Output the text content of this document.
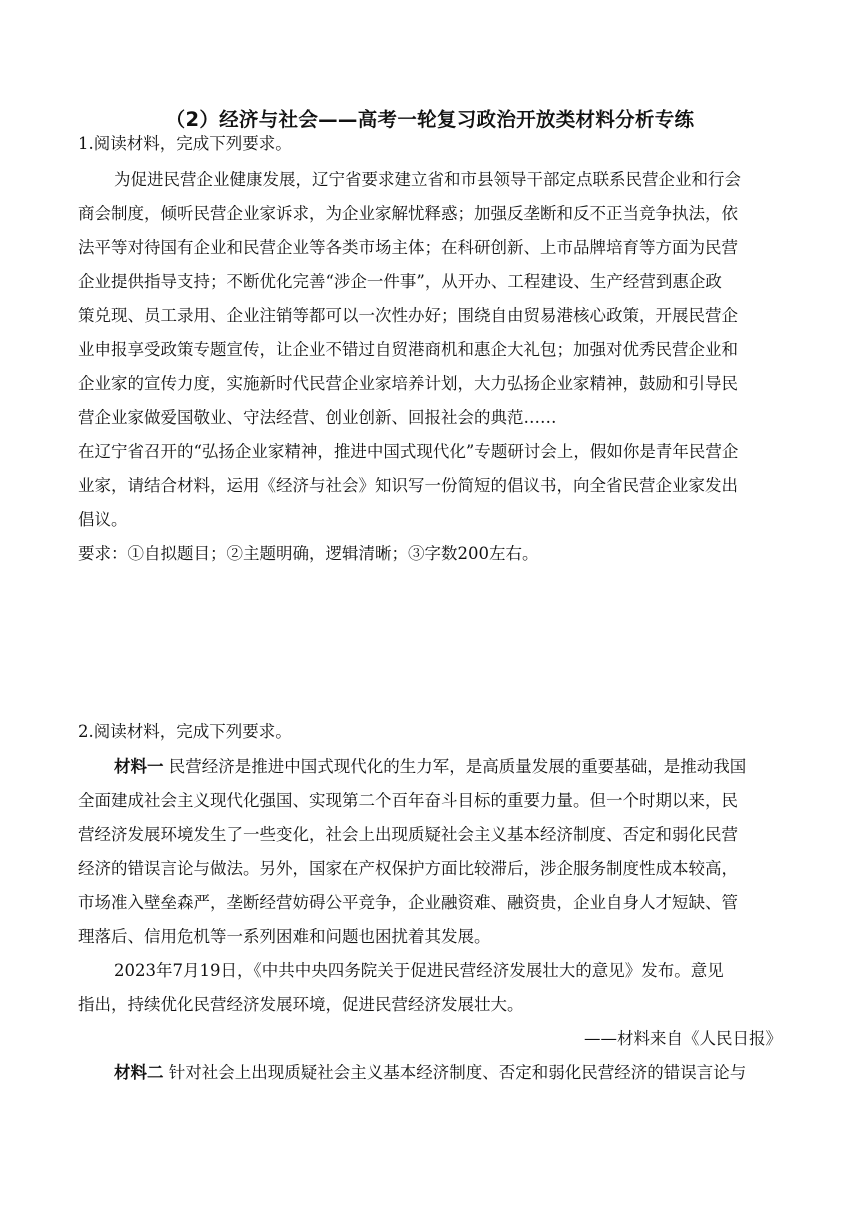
（2）经济与社会——高考一轮复习政治开放类材料分析专练
1.阅读材料，完成下列要求。
为促进民营企业健康发展，辽宁省要求建立省和市县领导干部定点联系民营企业和行会
商会制度，倾听民营企业家诉求，为企业家解忧释惑；加强反垄断和反不正当竞争执法，依
法平等对待国有企业和民营企业等各类市场主体；在科研创新、上市品牌培育等方面为民营
企业提供指导支持；不断优化完善“涉企一件事”，从开办、工程建设、生产经营到惠企政
策兑现、员工录用、企业注销等都可以一次性办好；围绕自由贸易港核心政策，开展民营企
业申报享受政策专题宣传，让企业不错过自贸港商机和惠企大礼包；加强对优秀民营企业和
企业家的宣传力度，实施新时代民营企业家培养计划，大力弘扬企业家精神，鼓励和引导民
营企业家做爱国敬业、守法经营、创业创新、回报社会的典范……
在辽宁省召开的“弘扬企业家精神，推进中国式现代化”专题研讨会上，假如你是青年民营企
业家，请结合材料，运用《经济与社会》知识写一份简短的倡议书，向全省民营企业家发出
倡议。
要求：①自拟题目；②主题明确，逻辑清晰；③字数200左右。
2.阅读材料，完成下列要求。
材料一 民营经济是推进中国式现代化的生力军，是高质量发展的重要基础，是推动我国
全面建成社会主义现代化强国、实现第二个百年奋斗目标的重要力量。但一个时期以来，民
营经济发展环境发生了一些变化，社会上出现质疑社会主义基本经济制度、否定和弱化民营
经济的错误言论与做法。另外，国家在产权保护方面比较滞后，涉企服务制度性成本较高，
市场准入壁垒森严，垄断经营妨碍公平竞争，企业融资难、融资贵，企业自身人才短缺、管
理落后、信用危机等一系列困难和问题也困扰着其发展。
2023年7月19日，《中共中央四务院关于促进民营经济发展壮大的意见》发布。意见
指出，持续优化民营经济发展环境，促进民营经济发展壮大。
——材料来自《人民日报》
材料二 针对社会上出现质疑社会主义基本经济制度、否定和弱化民营经济的错误言论与
